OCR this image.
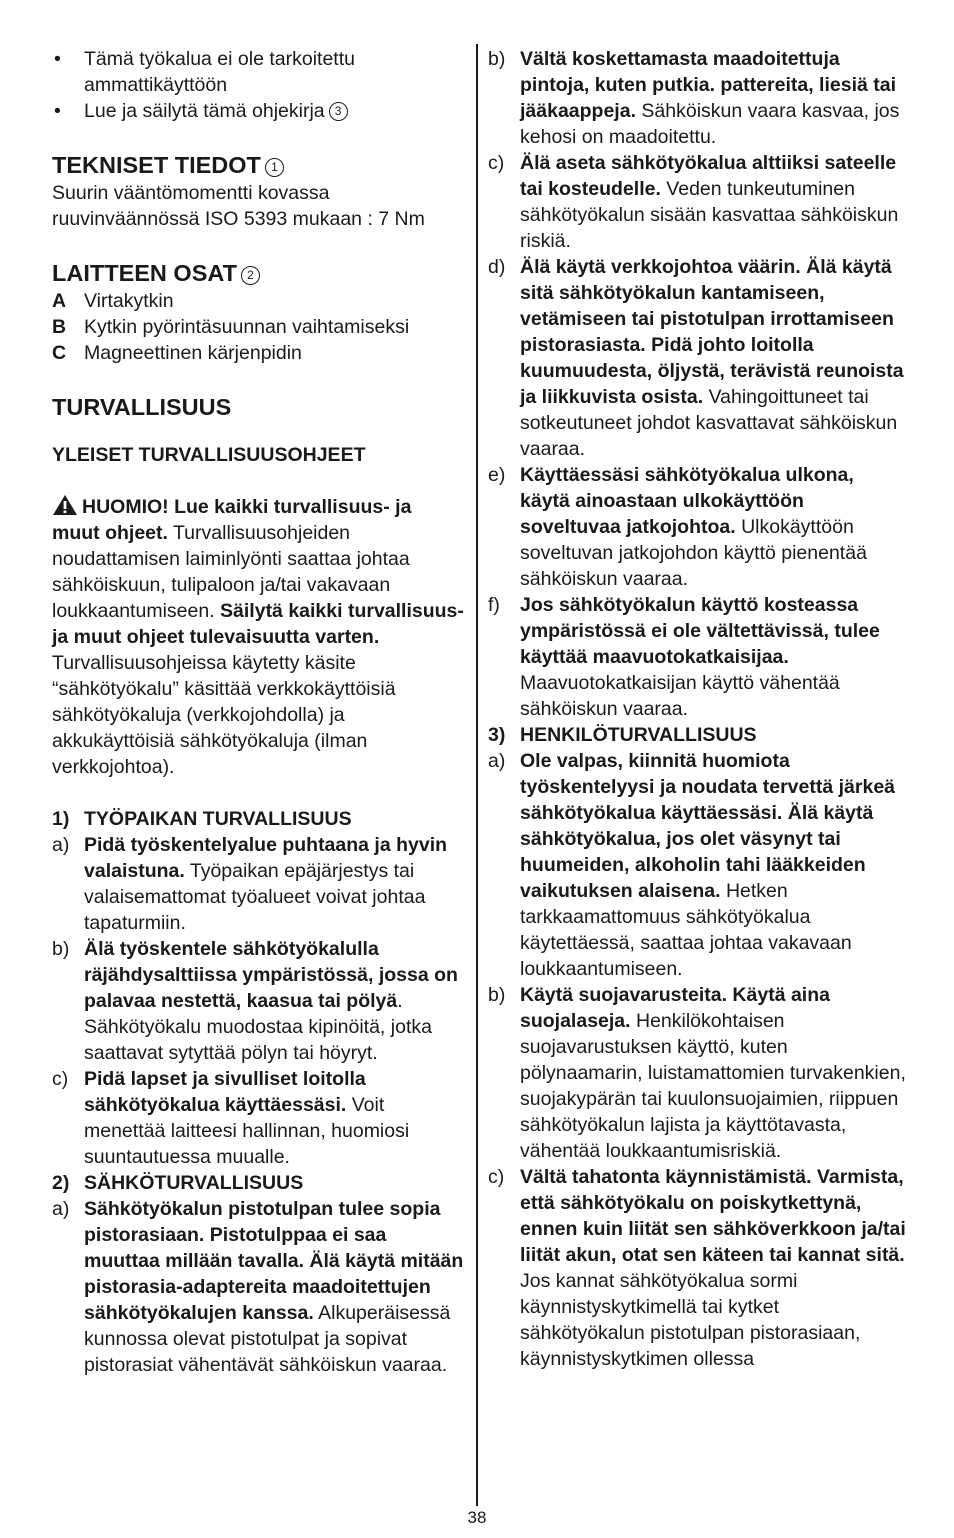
• Tämä työkalua ei ole tarkoitettu ammattikäyttöön
• Lue ja säilytä tämä ohjekirja 3
TEKNISET TIEDOT 1

Suurin vääntömomentti kovassa ruuvinväännössä ISO 5393 mukaan : 7 Nm

LAITTEEN OSAT 2
A Virtakytkin
B Kytkin pyörintäsuunnan vaihtamiseksi
C Magneettinen kärjenpidin
TURVALLISUUS
YLEISET TURVALLISUUSOHJEET

HUOMIO! Lue kaikki turvallisuus- ja muut ohjeet. Turvallisuusohjeiden noudattamisen laiminlyönti saattaa johtaa sähköiskuun, tulipaloon ja/tai vakavaan loukkaantumiseen. Säilytä kaikki turvallisuus- ja muut ohjeet tulevaisuutta varten. Turvallisuusohjeissa käytetty käsite “sähkötyökalu” käsittää verkkokäyttöisiä sähkötyökaluja (verkkojohdolla) ja akkukäyttöisiä sähkötyökaluja (ilman verkkojohtoa).

1) TYÖPAIKAN TURVALLISUUS
a) Pidä työskentelyalue puhtaana ja hyvin valaistuna. Työpaikan epäjärjestys tai valaisemattomat työalueet voivat johtaa tapaturmiin.
b) Älä työskentele sähkötyökalulla räjähdysalttiissa ympäristössä, jossa on palavaa nestettä, kaasua tai pölyä. Sähkötyökalu muodostaa kipinöitä, jotka saattavat sytyttää pölyn tai höyryt.
c) Pidä lapset ja sivulliset loitolla sähkötyökalua käyttäessäsi. Voit menettää laitteesi hallinnan, huomiosi suuntautuessa muualle.
2) SÄHKÖTURVALLISUUS
a) Sähkötyökalun pistotulpan tulee sopia pistorasiaan. Pistotulppaa ei saa muuttaa millään tavalla. Älä käytä mitään pistorasia-adaptereita maadoitettujen sähkötyökalujen kanssa. Alkuperäisessä kunnossa olevat pistotulpat ja sopivat pistorasiat vähentävät sähköiskun vaaraa.
b) Vältä koskettamasta maadoitettuja pintoja, kuten putkia. pattereita, liesiä tai jääkaappeja. Sähköiskun vaara kasvaa, jos kehosi on maadoitettu.
c) Älä aseta sähkötyökalua alttiiksi sateelle tai kosteudelle. Veden tunkeutuminen sähkötyökalun sisään kasvattaa sähköiskun riskiä.
d) Älä käytä verkkojohtoa väärin. Älä käytä sitä sähkötyökalun kantamiseen, vetämiseen tai pistotulpan irrottamiseen pistorasiasta. Pidä johto loitolla kuumuudesta, öljystä, terävistä reunoista ja liikkuvista osista. Vahingoittuneet tai sotkeutuneet johdot kasvattavat sähköiskun vaaraa.
e) Käyttäessäsi sähkötyökalua ulkona, käytä ainoastaan ulkokäyttöön soveltuvaa jatkojohtoa. Ulkokäyttöön soveltuvan jatkojohdon käyttö pienentää sähköiskun vaaraa.
f) Jos sähkötyökalun käyttö kosteassa ympäristössä ei ole vältettävissä, tulee käyttää maavuotokatkaisijaa. Maavuotokatkaisijan käyttö vähentää sähköiskun vaaraa.
3) HENKILÖTURVALLISUUS
a) Ole valpas, kiinnitä huomiota työskentelyysi ja noudata tervettä järkeä sähkötyökalua käyttäessäsi. Älä käytä sähkötyökalua, jos olet väsynyt tai huumeiden, alkoholin tahi lääkkeiden vaikutuksen alaisena. Hetken tarkkaamattomuus sähkötyökalua käytettäessä, saattaa johtaa vakavaan loukkaantumiseen.
b) Käytä suojavarusteita. Käytä aina suojalaseja. Henkilökohtaisen suojavarustuksen käyttö, kuten pölynaamarin, luistamattomien turvakenkien, suojakypärän tai kuulonsuojaimien, riippuen sähkötyökalun lajista ja käyttötavasta, vähentää loukkaantumisriskiä.
c) Vältä tahatonta käynnistämistä. Varmista, että sähkötyökalu on poiskytkettynä, ennen kuin liität sen sähköverkkoon ja/tai liität akun, otat sen käteen tai kannat sitä. Jos kannat sähkötyökalua sormi käynnistyskytkimellä tai kytket sähkötyökalun pistotulpan pistorasiaan, käynnistyskytkimen ollessa
38
